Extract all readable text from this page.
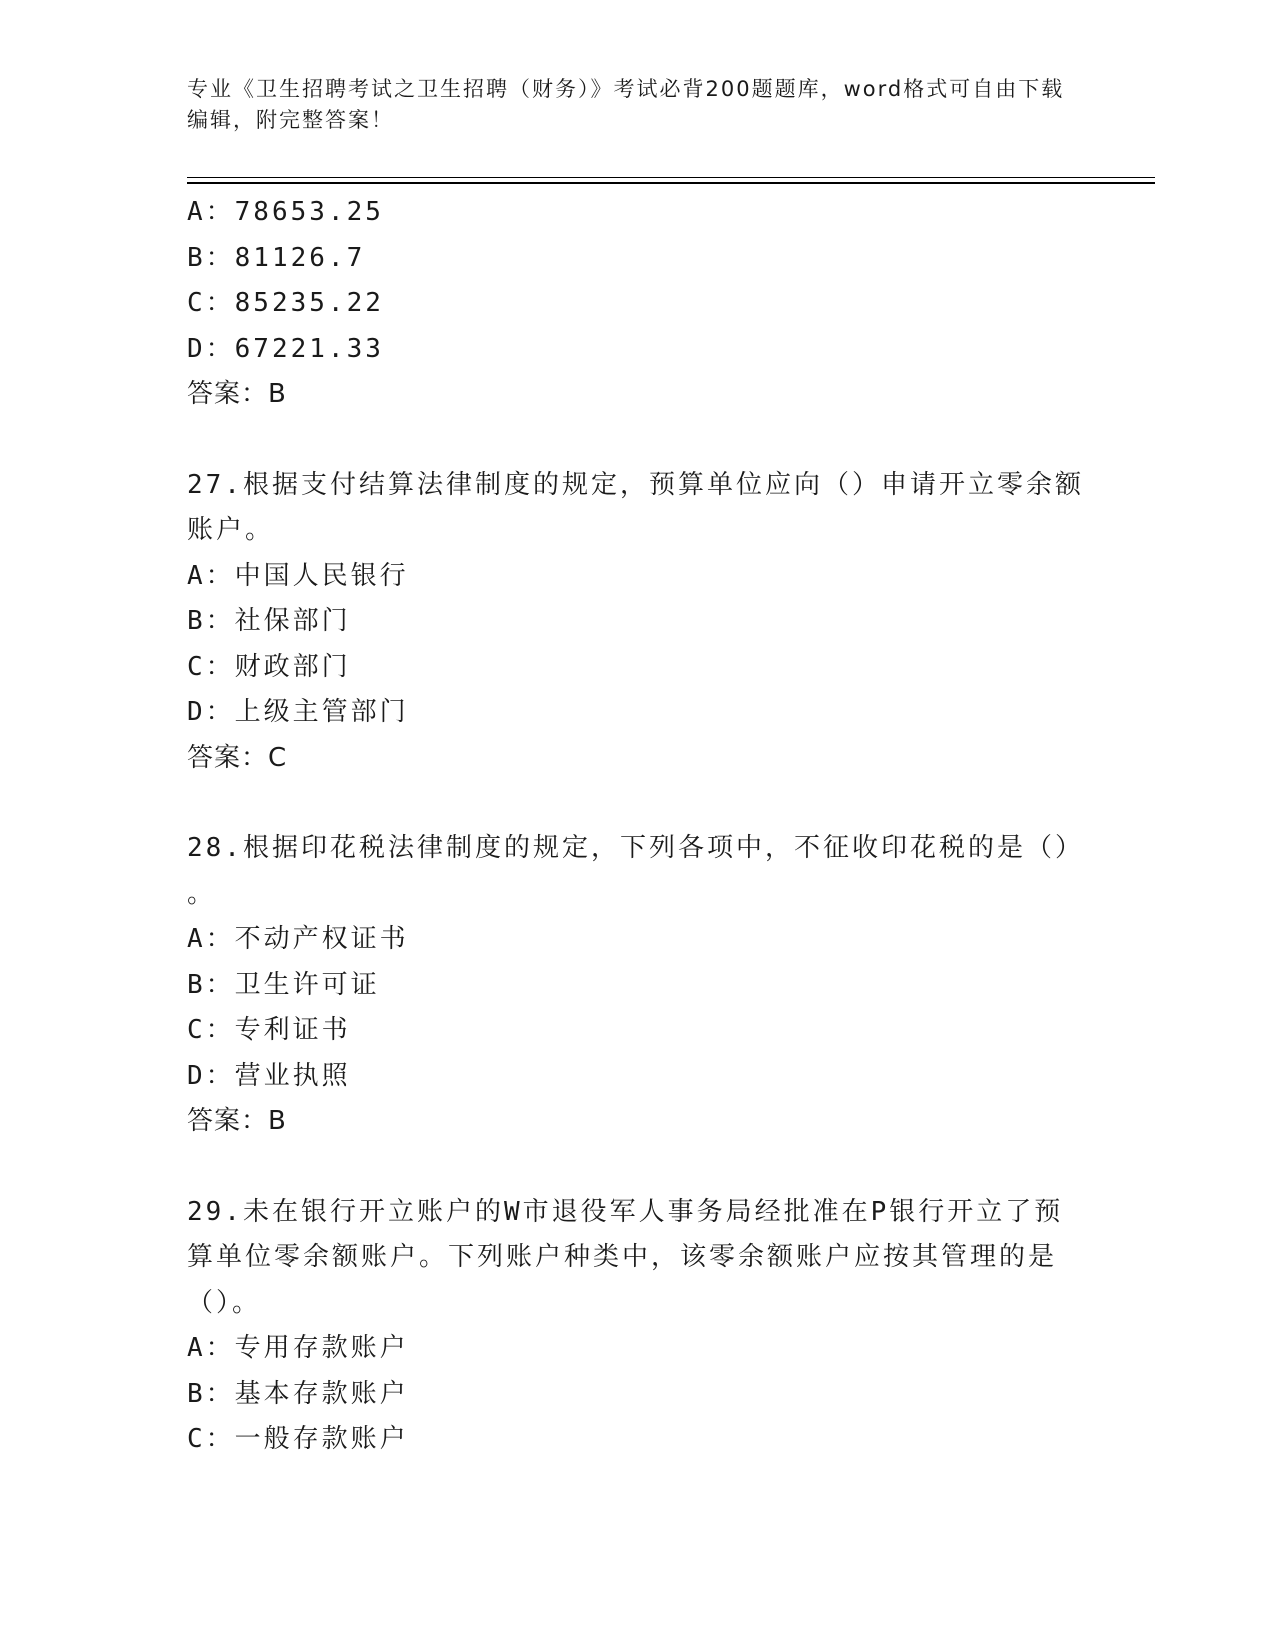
专业《卫生招聘考试之卫生招聘（财务）》考试必背200题题库，word格式可自由下载编辑，附完整答案！
A：78653.25
B：81126.7
C：85235.22
D：67221.33
答案：B
27.根据支付结算法律制度的规定，预算单位应向（）申请开立零余额
账户。
A：中国人民银行
B：社保部门
C：财政部门
D：上级主管部门
答案：C
28.根据印花税法律制度的规定，下列各项中，不征收印花税的是（）
。
A：不动产权证书
B：卫生许可证
C：专利证书
D：营业执照
答案：B
29.未在银行开立账户的W市退役军人事务局经批准在P银行开立了预
算单位零余额账户。下列账户种类中，该零余额账户应按其管理的是
（）。
A：专用存款账户
B：基本存款账户
C：一般存款账户
